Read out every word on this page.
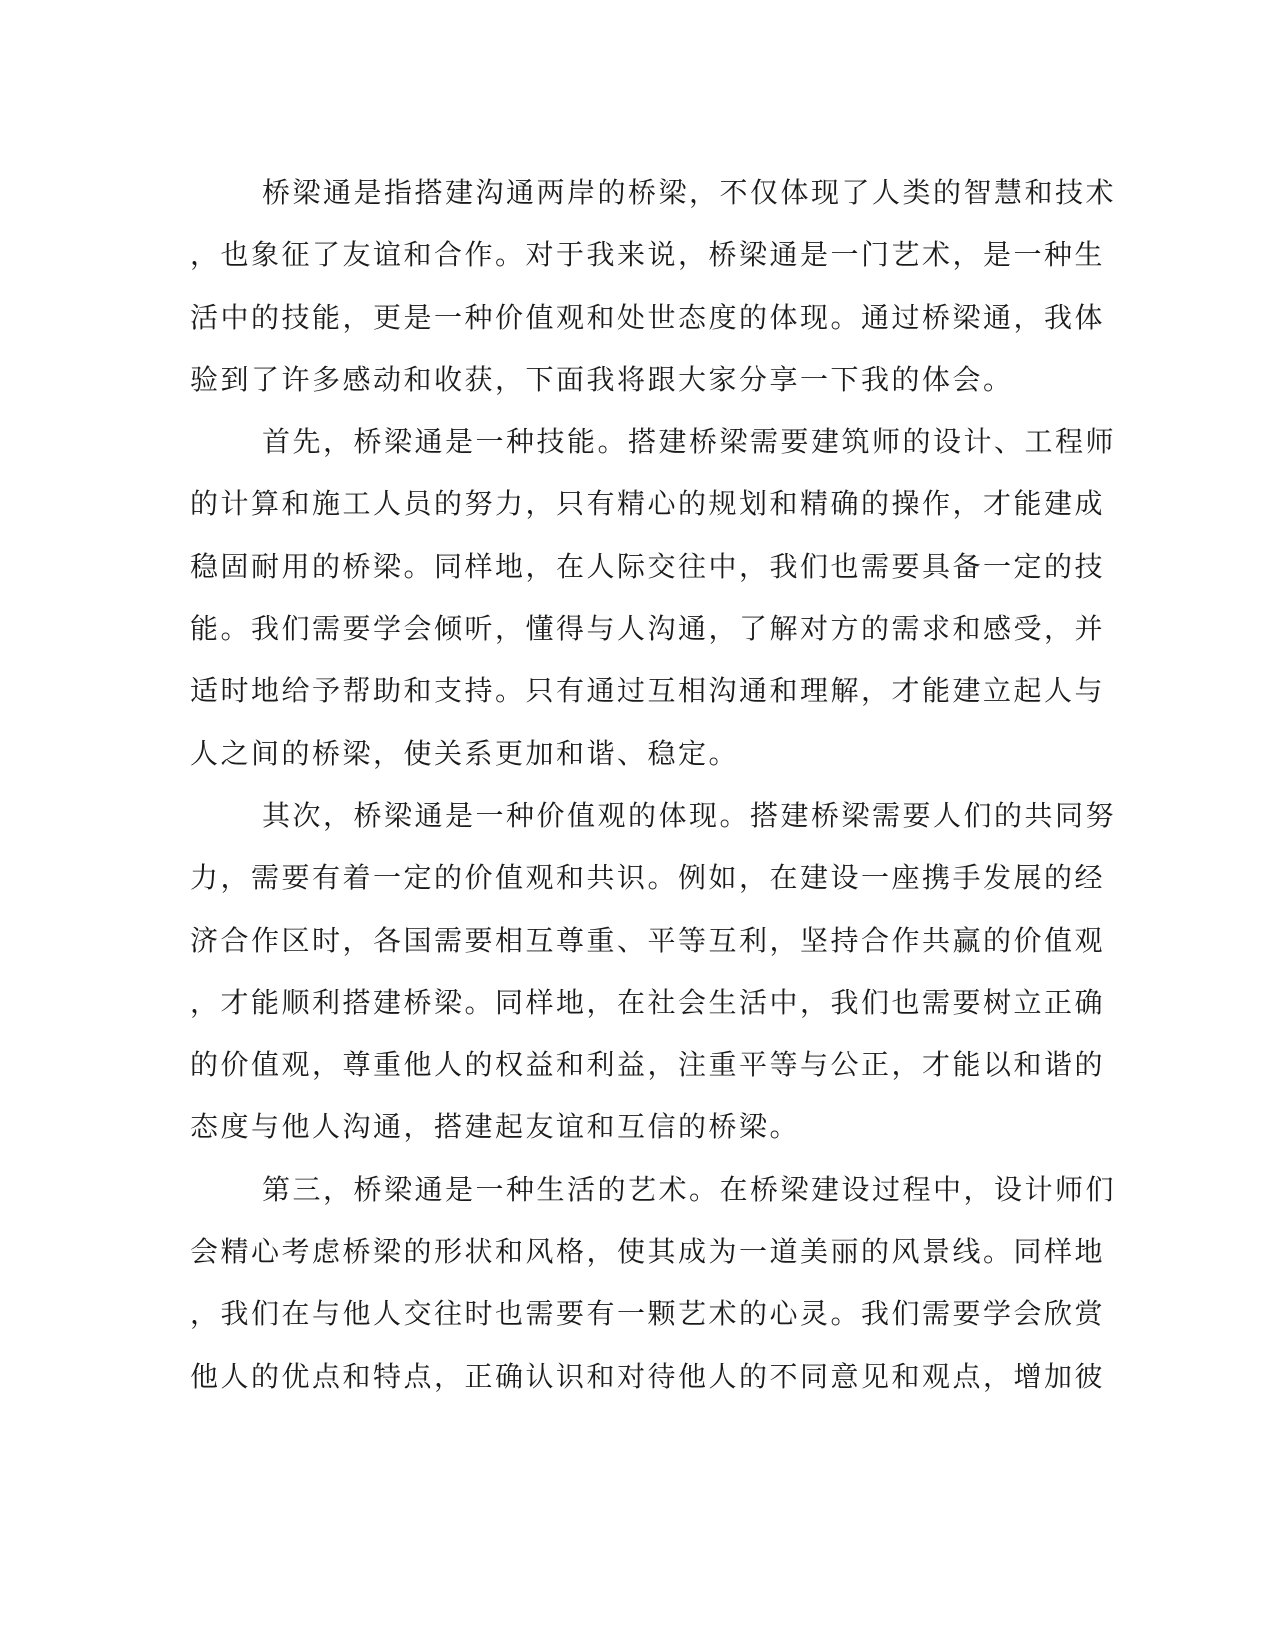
桥梁通是指搭建沟通两岸的桥梁，不仅体现了人类的智慧和技术
，也象征了友谊和合作。对于我来说，桥梁通是一门艺术，是一种生
活中的技能，更是一种价值观和处世态度的体现。通过桥梁通，我体
验到了许多感动和收获，下面我将跟大家分享一下我的体会。
首先，桥梁通是一种技能。搭建桥梁需要建筑师的设计、工程师
的计算和施工人员的努力，只有精心的规划和精确的操作，才能建成
稳固耐用的桥梁。同样地，在人际交往中，我们也需要具备一定的技
能。我们需要学会倾听，懂得与人沟通，了解对方的需求和感受，并
适时地给予帮助和支持。只有通过互相沟通和理解，才能建立起人与
人之间的桥梁，使关系更加和谐、稳定。
其次，桥梁通是一种价值观的体现。搭建桥梁需要人们的共同努
力，需要有着一定的价值观和共识。例如，在建设一座携手发展的经
济合作区时，各国需要相互尊重、平等互利，坚持合作共赢的价值观
，才能顺利搭建桥梁。同样地，在社会生活中，我们也需要树立正确
的价值观，尊重他人的权益和利益，注重平等与公正，才能以和谐的
态度与他人沟通，搭建起友谊和互信的桥梁。
第三，桥梁通是一种生活的艺术。在桥梁建设过程中，设计师们
会精心考虑桥梁的形状和风格，使其成为一道美丽的风景线。同样地
，我们在与他人交往时也需要有一颗艺术的心灵。我们需要学会欣赏
他人的优点和特点，正确认识和对待他人的不同意见和观点，增加彼
